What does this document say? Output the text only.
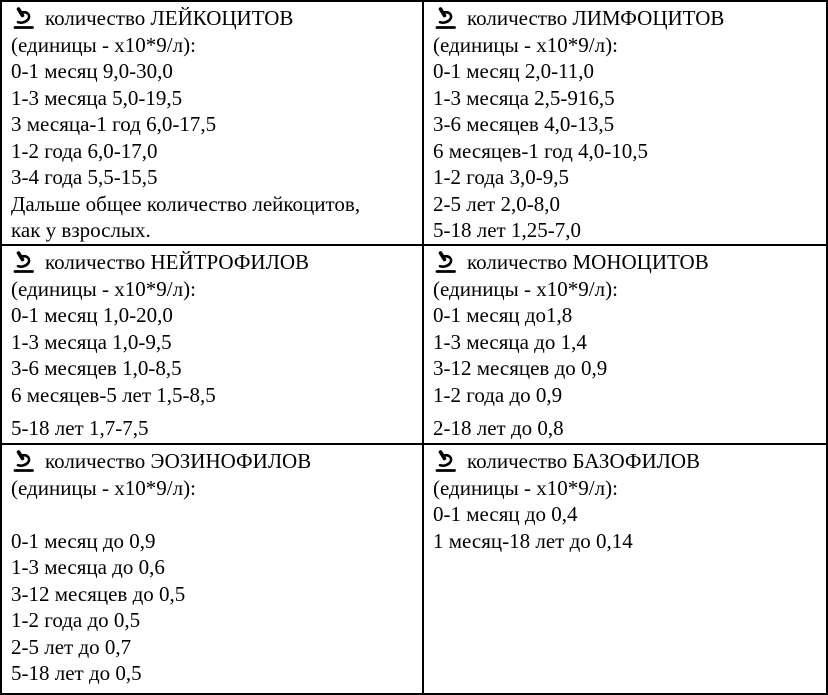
количество ЛЕЙКОЦИТОВ
(единицы - х10*9/л):
0-1 месяц 9,0-30,0
1-3 месяца 5,0-19,5
3 месяца-1 год 6,0-17,5
1-2 года 6,0-17,0
3-4 года 5,5-15,5
Дальше общее количество лейкоцитов,
как у взрослых.
количество ЛИМФОЦИТОВ
(единицы - х10*9/л):
0-1 месяц 2,0-11,0
1-3 месяца 2,5-916,5
3-6 месяцев 4,0-13,5
6 месяцев-1 год 4,0-10,5
1-2 года 3,0-9,5
2-5 лет 2,0-8,0
5-18 лет 1,25-7,0
количество НЕЙТРОФИЛОВ
(единицы - х10*9/л):
0-1 месяц 1,0-20,0
1-3 месяца 1,0-9,5
3-6 месяцев 1,0-8,5
6 месяцев-5 лет 1,5-8,5
5-18 лет 1,7-7,5
количество МОНОЦИТОВ
(единицы - х10*9/л):
0-1 месяц до1,8
1-3 месяца до 1,4
3-12 месяцев до 0,9
1-2 года до 0,9
2-18 лет до 0,8
количество ЭОЗИНОФИЛОВ
(единицы - х10*9/л):
0-1 месяц до 0,9
1-3 месяца до 0,6
3-12 месяцев до 0,5
1-2 года до 0,5
2-5 лет до 0,7
5-18 лет до 0,5
количество БАЗОФИЛОВ
(единицы - х10*9/л):
0-1 месяц до 0,4
1 месяц-18 лет до 0,14
